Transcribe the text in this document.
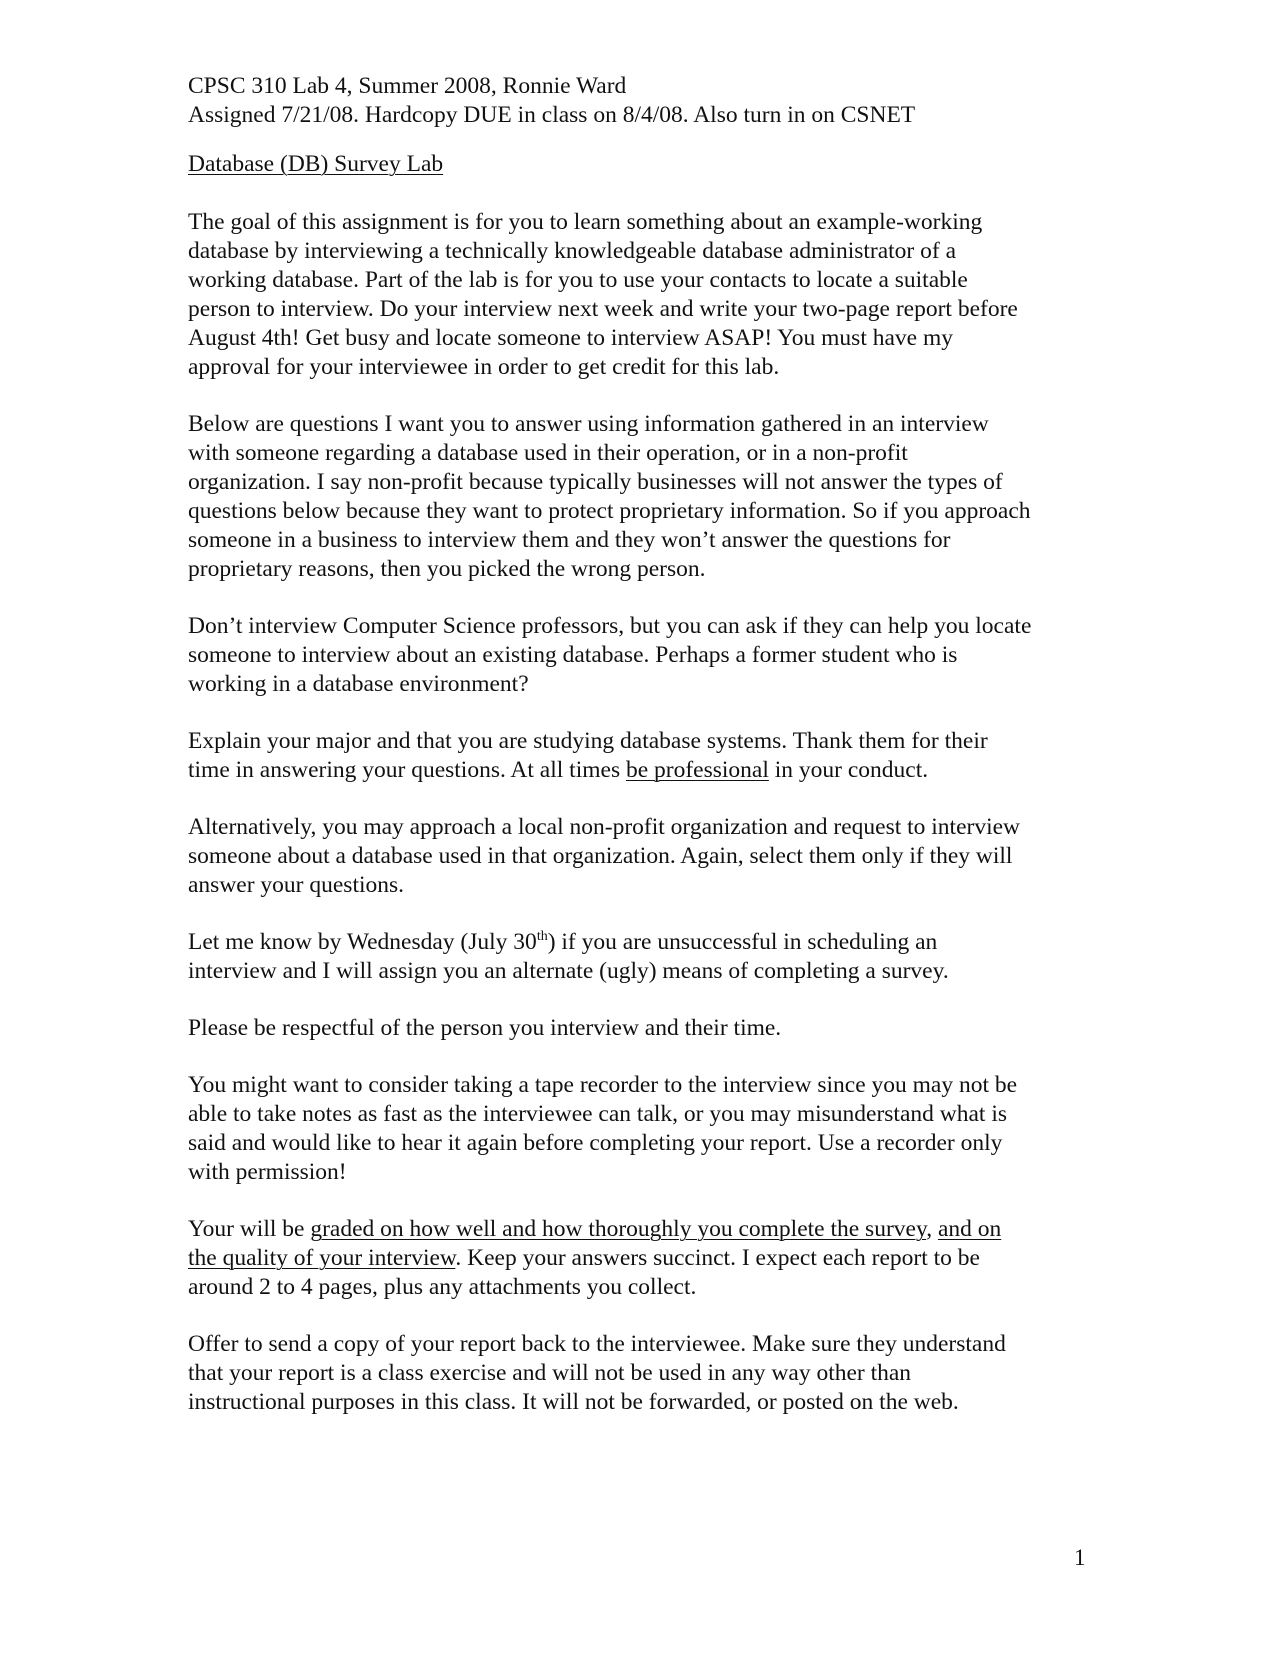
CPSC 310 Lab 4, Summer 2008, Ronnie Ward
Assigned 7/21/08. Hardcopy DUE in class on 8/4/08. Also turn in on CSNET
Database (DB) Survey Lab
The goal of this assignment is for you to learn something about an example-working
database by interviewing a technically knowledgeable database administrator of a
working database. Part of the lab is for you to use your contacts to locate a suitable
person to interview. Do your interview next week and write your two-page report before
August 4th! Get busy and locate someone to interview ASAP! You must have my
approval for your interviewee in order to get credit for this lab.
Below are questions I want you to answer using information gathered in an interview
with someone regarding a database used in their operation, or in a non-profit
organization. I say non-profit because typically businesses will not answer the types of
questions below because they want to protect proprietary information. So if you approach
someone in a business to interview them and they won’t answer the questions for
proprietary reasons, then you picked the wrong person.
Don’t interview Computer Science professors, but you can ask if they can help you locate
someone to interview about an existing database. Perhaps a former student who is
working in a database environment?
Explain your major and that you are studying database systems. Thank them for their
time in answering your questions. At all times be professional in your conduct.
Alternatively, you may approach a local non-profit organization and request to interview
someone about a database used in that organization. Again, select them only if they will
answer your questions.
Let me know by Wednesday (July 30th) if you are unsuccessful in scheduling an
interview and I will assign you an alternate (ugly) means of completing a survey.
Please be respectful of the person you interview and their time.
You might want to consider taking a tape recorder to the interview since you may not be
able to take notes as fast as the interviewee can talk, or you may misunderstand what is
said and would like to hear it again before completing your report. Use a recorder only
with permission!
Your will be graded on how well and how thoroughly you complete the survey, and on
the quality of your interview. Keep your answers succinct. I expect each report to be
around 2 to 4 pages, plus any attachments you collect.
Offer to send a copy of your report back to the interviewee. Make sure they understand
that your report is a class exercise and will not be used in any way other than
instructional purposes in this class. It will not be forwarded, or posted on the web.
1
